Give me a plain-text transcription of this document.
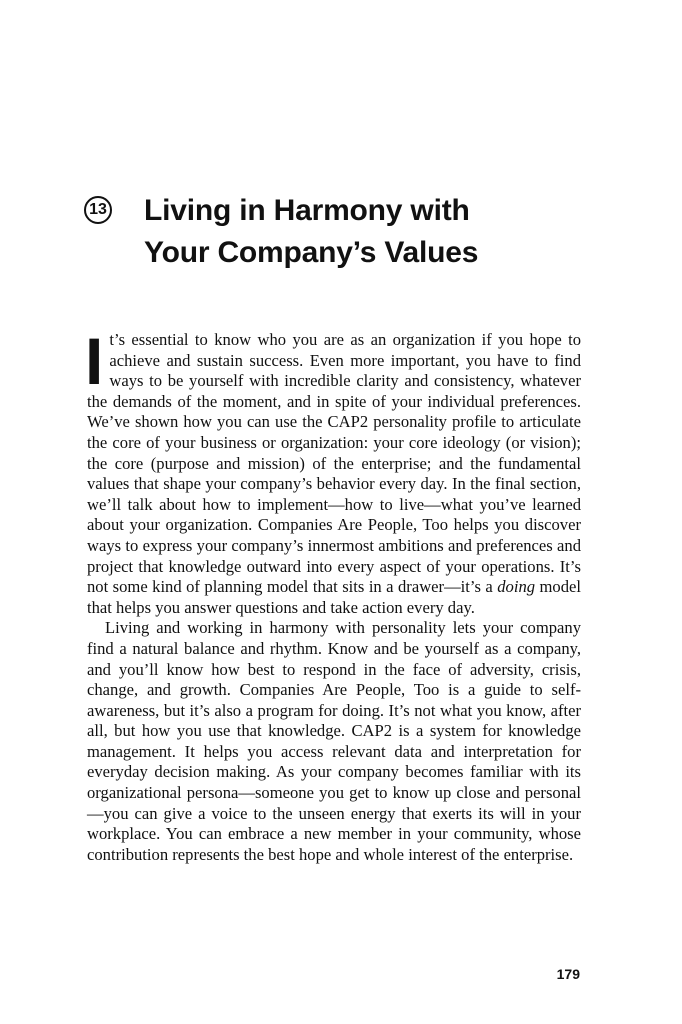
13 Living in Harmony with
Your Company’s Values

It’s essential to know who you are as an organization if you hope to achieve and sustain success. Even more important, you have to find ways to be yourself with incredible clarity and consistency, whatever the demands of the moment, and in spite of your individual preferences. We’ve shown how you can use the CAP2 personality profile to articulate the core of your business or organization: your core ideology (or vision); the core (purpose and mission) of the enterprise; and the fundamental values that shape your company’s behavior every day. In the final section, we’ll talk about how to implement—how to live—what you’ve learned about your organization. Companies Are People, Too helps you discover ways to express your company’s innermost ambitions and preferences and project that knowledge outward into every aspect of your operations. It’s not some kind of planning model that sits in a drawer—it’s a doing model that helps you answer questions and take action every day.

Living and working in harmony with personality lets your company find a natural balance and rhythm. Know and be yourself as a company, and you’ll know how best to respond in the face of adversity, crisis, change, and growth. Companies Are People, Too is a guide to self-awareness, but it’s also a program for doing. It’s not what you know, after all, but how you use that knowledge. CAP2 is a system for knowledge management. It helps you access relevant data and interpretation for everyday decision making. As your company becomes familiar with its organizational persona—someone you get to know up close and personal—you can give a voice to the unseen energy that exerts its will in your workplace. You can embrace a new member in your community, whose contribution represents the best hope and whole interest of the enterprise.

179
